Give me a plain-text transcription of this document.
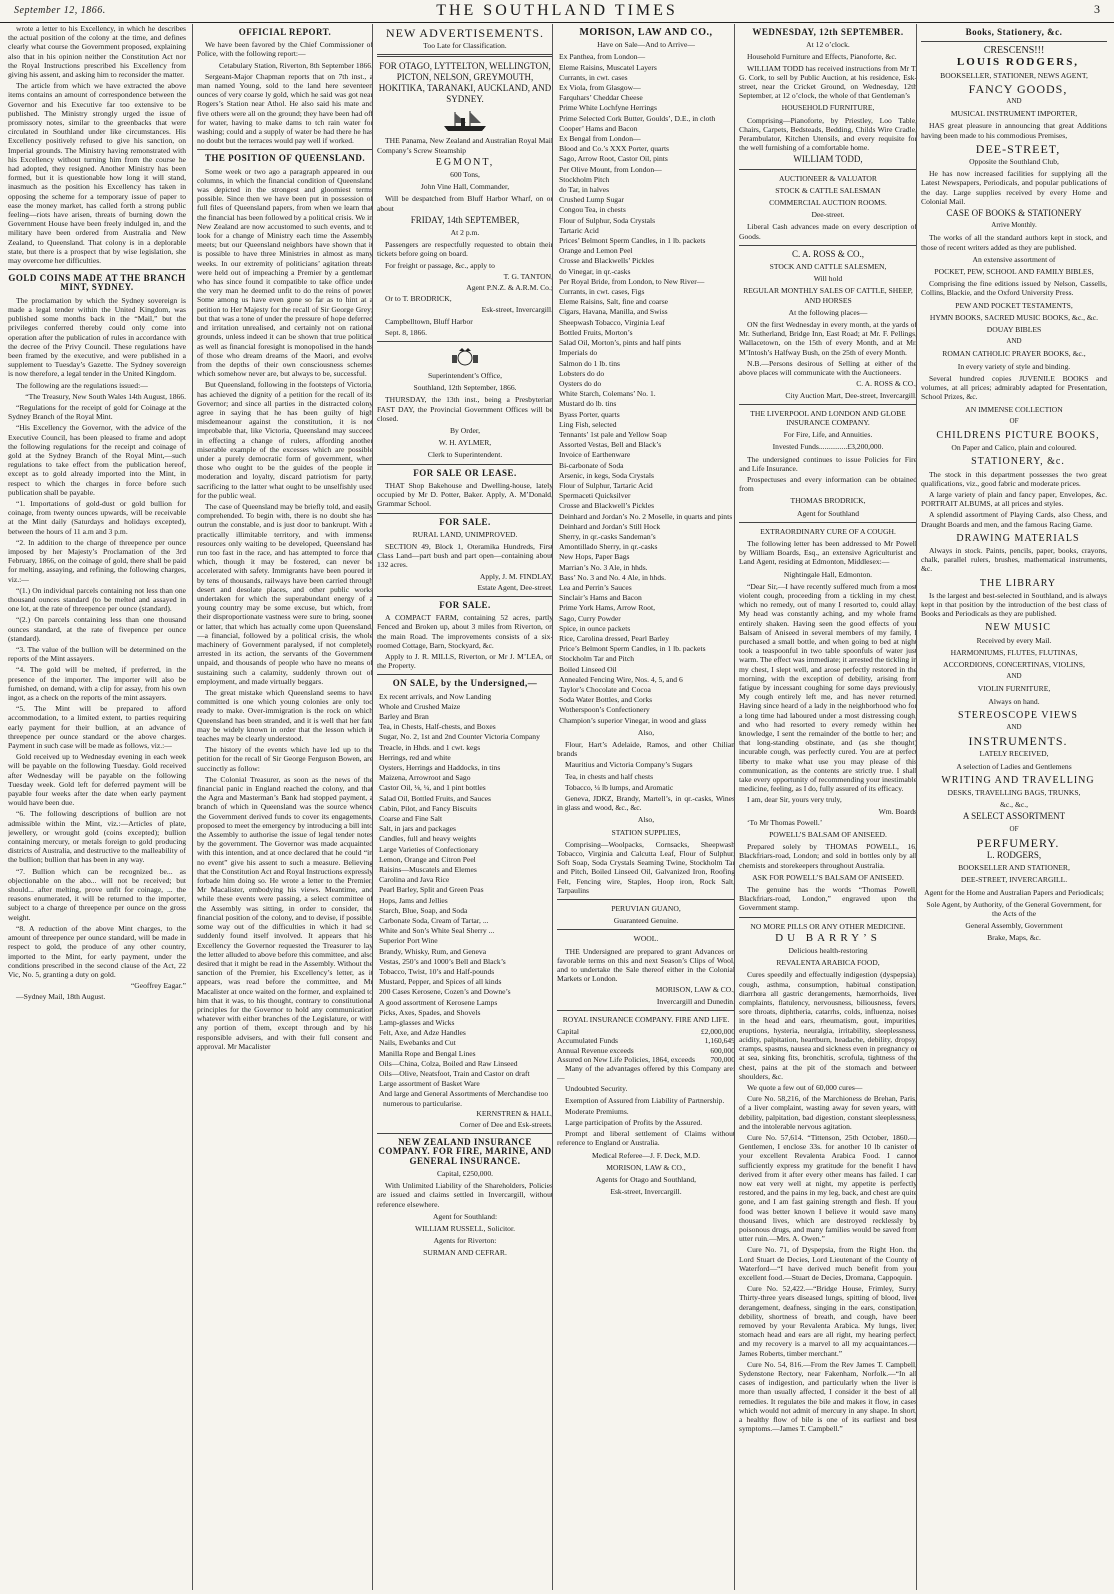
September 12, 1866.	THE SOUTHLAND TIMES	3

wrote a letter to his Excellency, in which he describes the actual position of the colony at the time, and defines clearly what course the Government proposed, explaining also that in his opinion neither the Constitution Act nor the Royal Instructions prescribed his Excellency from giving his assent, and asking him to reconsider the matter.

The article from which we have extracted the above items contains an amount of correspondence between the Governor and his Executive far too extensive to be published. The Ministry strongly urged the issue of promissory notes, similar to the greenbacks that were circulated in Southland under like circumstances. His Excellency positively refused to give his sanction, on Imperial grounds. The Ministry having remonstrated with his Excellency without turning him from the course he had adopted, they resigned. Another Ministry has been formed, but it is questionable how long it will stand, inasmuch as the position his Excellency has taken in opposing the scheme for a temporary issue of paper to ease the money market, has called forth a strong public feeling—riots have arisen, threats of burning down the Government House have been freely indulged in, and the military have been ordered from Australia and New Zealand, to Queensland. That colony is in a deplorable state, but there is a prospect that by wise legislation, she may overcome her difficulties.

GOLD COINS MADE AT THE BRANCH MINT, SYDNEY.

The proclamation by which the Sydney sovereign is made a legal tender within the United Kingdom, was published some months back in the “Mail,” but the privileges conferred thereby could only come into operation after the publication of rules in accordance with the decree of the Privy Council. These regulations have been framed by the executive, and were published in a supplement to Tuesday’s Gazette. The Sydney sovereign is now therefore, a legal tender in the United Kingdom.

The following are the regulations issued:—

“The Treasury, New South Wales 14th August, 1866.

“Regulations for the receipt of gold for Coinage at the Sydney Branch of the Royal Mint.

“His Excellency the Governor, with the advice of the Executive Council, has been pleased to frame and adopt the following regulations for the receipt and coinage of gold at the Sydney Branch of the Royal Mint,—such regulations to take effect from the publication hereof, except as to gold already imported into the Mint, in respect to which the charges in force before such publication shall be payable.

“1. Importations of gold-dust or gold bullion for coinage, from twenty ounces upwards, will be receivable at the Mint daily (Saturdays and holidays excepted), between the hours of 11 a.m and 3 p.m.

“2. In addition to the charge of threepence per ounce imposed by her Majesty’s Proclamation of the 3rd February, 1866, on the coinage of gold, there shall be paid for melting, assaying, and refining, the following charges, viz.:—

“(1.) On individual parcels containing not less than one thousand ounces standard (to be melted and assayed in one lot, at the rate of threepence per ounce (standard).

“(2.) On parcels containing less than one thousand ounces standard, at the rate of fivepence per ounce (standard).

“3. The value of the bullion will be determined on the reports of the Mint assayers.

“4. The gold will be melted, if preferred, in the presence of the importer. The importer will also be furnished, on demand, with a clip for assay, from his own ingot, as a check on the reports of the mint assayers.

“5. The Mint will be prepared to afford accommodation, to a limited extent, to parties requiring early payment for their bullion, at an advance of threepence per ounce standard or the above charges. Payment in such case will be made as follows, viz.:—

Gold received up to Wednesday evening in each week will be payable on the following Tuesday. Gold received after Wednesday will be payable on the following Tuesday week. Gold left for deferred payment will be payable four weeks after the date when early payment would have been due.

“6. The following descriptions of bullion are not admissible within the Mint, viz.:—Articles of plate, jewellery, or wrought gold (coins excepted); bullion containing mercury, or metals foreign to gold producing districts of Australia, and destructive to the malleability of the bullion; bullion that has been in any way.

“7. Bullion which can be recognized be... as objectionable on the abo... will not be received; but should... after melting, prove unfit for coinage, ... the reasons enumerated, it will be returned to the importer, subject to a charge of threepence per ounce on the gross weight.

“8. A reduction of the above Mint charges, to the amount of threepence per ounce standard, will be made in respect to gold, the produce of any other country, imported to the Mint, for early payment, under the conditions prescribed in the second clause of the Act, 22 Vic, No. 5, granting a duty on gold.

“Geoffrey Eagar.”

—Sydney Mail, 18th August.

OFFICIAL REPORT.

We have been favored by the Chief Commissioner of Police, with the following report:—

Cetabulary Station, Riverton, 8th September 1866.

Sergeant-Major Chapman reports that on 7th inst., a man named Young, sold to the land here seventeen ounces of very coarse ly gold, which he said was got near Rogers’s Station near Athol. He also said his mate and five others were all on the ground; they have been had off for water, having to make dams to tch rain water for washing; could and a supply of water be had there he has no doubt but the terraces would pay well if worked.

THE POSITION OF QUEENSLAND.

Some week or two ago a paragraph appeared in our columns, in which the financial condition of Queensland was depicted in the strongest and gloomiest terms possible. Since then we have been put in possession of full files of Queensland papers, from when we learn that the financial has been followed by a political crisis. We in New Zealand are now accustomed to such events, and to look for a change of Ministry each time the Assembly meets; but our Queensland neighbors have shown that it is possible to have three Ministries in almost as many weeks. In our extremity of politicians’ agitation threats were held out of impeaching a Premier by a gentleman who has since found it compatible to take office under the very man he deemed unfit to do the reins of power. Some among us have even gone so far as to hint at a petition to Her Majesty for the recall of Sir George Grey; but that was a tone of under the pressure of hope deferred and irritation unrealised, and certainly not on rational grounds, unless indeed it can be shown that true political as well as financial foresight is monopolised in the hands of those who dream dreams of the Maori, and evolve from the depths of their own consciousness schemes which somehow never are, but always to be, successful.

But Queensland, following in the footsteps of Victoria, has achieved the dignity of a petition for the recall of its Governor; and since all parties in the distracted colony agree in saying that he has been guilty of high misdemeanour against the constitution, it is not improbable that, like Victoria, Queensland may succeed in effecting a change of rulers, affording another miserable example of the excesses which are possible under a purely democratic form of government, when those who ought to be the guides of the people in moderation and loyalty, discard patriotism for party, sacrificing to the latter what ought to be unselfishly used for the public weal.

The case of Queensland may be briefly told, and easily comprehended. To begin with, there is no doubt she has outrun the constable, and is just door to bankrupt. With a practically illimitable territory, and with immense resources only waiting to be developed, Queensland has run too fast in the race, and has attempted to force that which, though it may be fostered, can never be accelerated with safety. Immigrants have been poured in by tens of thousands, railways have been carried through desert and desolate places, and other public works undertaken for which the superabundant energy of a young country may be some excuse, but which, from their disproportionate vastness were sure to bring, sooner or latter, that which has actually come upon Queensland,—a financial, followed by a political crisis, the whole machinery of Government paralysed, if not completely arrested in its action, the servants of the Government unpaid, and thousands of people who have no means of sustaining such a calamity, suddenly thrown out of employment, and made virtually beggars.

The great mistake which Queensland seems to have committed is one which young colonies are only too ready to make. Over-immigration is the rock on which Queensland has been stranded, and it is well that her fate may be widely known in order that the lesson which it teaches may be clearly understood.

The history of the events which have led up to the petition for the recall of Sir George Ferguson Bowen, are succinctly as follow:

The Colonial Treasurer, as soon as the news of the financial panic in England reached the colony, and that the Agra and Masterman’s Bank had stopped payment, a branch of which in Queensland was the source whence the Government derived funds to cover its engagements, proposed to meet the emergency by introducing a bill into the Assembly to authorise the issue of legal tender notes by the government. The Governor was made acquainted with this intention, and at once declared that he could “in no event” give his assent to such a measure. Believing that the Constitution Act and Royal Instructions expressly forbade him doing so. He wrote a letter to the Premier, Mr Macalister, embodying his views. Meantime, and while these events were passing, a select committee of the Assembly was sitting, in order to consider, the financial position of the colony, and to devise, if possible, some way out of the difficulties in which it had so suddenly found itself involved. It appears that his Excellency the Governor requested the Treasurer to lay the letter alluded to above before this committee, and also desired that it might be read in the Assembly. Without the sanction of the Premier, his Excellency’s letter, as it appears, was read before the committee, and Mr Macalister at once waited on the former, and explained to him that it was, to his thought, contrary to constitutional principles for the Governor to hold any communication whatever with either branches of the Legislature, or with any portion of them, except through and by his responsible advisers, and with their full consent and approval. Mr Macalister

NEW ADVERTISEMENTS.

Too Late for Classification.

FOR OTAGO, LYTTELTON, WELLINGTON, PICTON, NELSON, GREYMOUTH, HOKITIKA, TARANAKI, AUCKLAND, AND SYDNEY.

THE Panama, New Zealand and Australian Royal Mail Company’s Screw Steamship

EGMONT,

600 Tons,

John Vine Hall, Commander,

Will be despatched from Bluff Harbor Wharf, on or about

FRIDAY, 14th SEPTEMBER,

At 2 p.m.

Passengers are respectfully requested to obtain their tickets before going on board.

For freight or passage, &c., apply to

T. G. TANTON,

Agent P.N.Z. & A.R.M. Co.;

Or to T. BRODRICK,

Esk-street, Invercargill.

Campbelltown, Bluff Harbor

Sept. 8, 1866.

Superintendent’s Office,

Southland, 12th September, 1866.

THURSDAY, the 13th inst., being a Presbyterian FAST DAY, the Provincial Government Offices will be closed.

By Order,

W. H. AYLMER,

Clerk to Superintendent.

FOR SALE OR LEASE.

THAT Shop Bakehouse and Dwelling-house, lately occupied by Mr D. Potter, Baker. Apply, A. M’Donald, Grammar School.

FOR SALE.

RURAL LAND, UNIMPROVED.

SECTION 49, Block 1, Oteramika Hundreds, First Class Land—part bush and part open—containing about 132 acres.

Apply, J. M. FINDLAY,

Estate Agent, Dee-street.

FOR SALE.

A COMPACT FARM, containing 52 acres, partly Fenced and Broken up, about 3 miles from Riverton, on the main Road. The improvements consists of a six-roomed Cottage, Barn, Stockyard, &c.

Apply to J. R. MILLS, Riverton, or Mr J. M’LEA, on the Property.

ON SALE, by the Undersigned,—
Ex recent arrivals, and Now Landing
Whole and Crushed Maize
Barley and Bran
Tea, in Chests, Half-chests, and Boxes
Sugar, No. 2, 1st and 2nd Counter Victoria Company
Treacle, in Hhds. and 1 cwt. kegs
Herrings, red and white
Oysters, Herrings and Haddocks, in tins
Maizena, Arrowroot and Sago
Castor Oil, ⅛, ¼, and 1 pint bottles
Salad Oil, Bottled Fruits, and Sauces
Cabin, Pilot, and Fancy Biscuits
Coarse and Fine Salt
Salt, in jars and packages
Candles, full and heavy weights
Large Varieties of Confectionary
Lemon, Orange and Citron Peel
Raisins—Muscatels and Elemes
Carolina and Java Rice
Pearl Barley, Split and Green Peas
Hops, Jams and Jellies
Starch, Blue, Soap, and Soda
Carbonate Soda, Cream of Tartar, ...
White and Son’s White Seal Sherry ...
Superior Port Wine
Brandy, Whisky, Rum, and Geneva
Vestas, 250’s and 1000’s Bell and Black’s
Tobacco, Twist, 10’s and Half-pounds
Mustard, Pepper, and Spices of all kinds
200 Cases Kerosene, Cozen’s and Downe’s
A good assortment of Kerosene Lamps
Picks, Axes, Spades, and Shovels
Lamp-glasses and Wicks
Felt, Axe, and Adze Handles
Nails, Ewebanks and Cut
Manilla Rope and Bengal Lines
Oils—China, Colza, Boiled and Raw Linseed
Oils—Olive, Neatsfoot, Train and Castor on draft
Large assortment of Basket Ware
And large and General Assortments of Merchandise too numerous to particularise.

KERNSTREN & HALL,

Corner of Dee and Esk-streets.

NEW ZEALAND INSURANCE COMPANY. FOR FIRE, MARINE, AND GENERAL INSURANCE.

Capital, £250,000.

With Unlimited Liability of the Shareholders, Policies are issued and claims settled in Invercargill, without reference elsewhere.

Agent for Southland:

WILLIAM RUSSELL, Solicitor.

Agents for Riverton:

SURMAN AND CEFRAR.

MORISON, LAW AND CO.,

Have on Sale—And to Arrive—

Ex Panthea, from London—
Eleme Raisins, Muscatel Layers
Currants, in cwt. cases
Ex Viola, from Glasgow—
Farquhars’ Cheddar Cheese
Prime White Lochfyne Herrings
Prime Selected Cork Butter, Goulds’, D.E., in cloth
Cooper’ Hams and Bacon
Ex Bengal from London—
Blood and Co.’s XXX Porter, quarts
Sago, Arrow Root, Castor Oil, pints
Per Olive Mount, from London—
Stockholm Pitch
do Tar, in halves
Crushed Lump Sugar
Congou Tea, in chests
Flour of Sulphur, Soda Crystals
Tartaric Acid
Prices’ Belmont Sperm Candles, in 1 lb. packets
Orange and Lemon Peel
Crosse and Blackwells’ Pickles
do Vinegar, in qr.-casks
Per Royal Bride, from London, to New River—
Currants, in cwt. cases, Figs
Eleme Raisins, Salt, fine and coarse
Cigars, Havana, Manilla, and Swiss
Sheepwash Tobacco, Virginia Leaf
Bottled Fruits, Morton’s
Salad Oil, Morton’s, pints and half pints
Imperials do
Salmon do 1 lb. tins
Lobsters do do
Oysters do do
White Starch, Colemans’ No. 1.
Mustard do lb. tins
Byass Porter, quarts
Ling Fish, selected
Tennants’ 1st pale and Yellow Soap
Assorted Vestas, Bell and Black’s
Invoice of Earthenware
Bi-carbonate of Soda
Arsenic, in kegs, Soda Crystals
Flour of Sulphur, Tartaric Acid
Spermaceti Quicksilver
Crosse and Blackwell’s Pickles
Deinhard and Jordan’s No. 2 Moselle, in quarts and pints
Deinhard and Jordan’s Still Hock
Sherry, in qr.-casks Sandeman’s
Amontillado Sherry, in qr.-casks
New Hops, Paper Bags
Marrian’s No. 3 Ale, in hhds.
Bass’ No. 3 and No. 4 Ale, in hhds.
Lea and Perrin’s Sauces
Sinclair’s Hams and Bacon
Prime York Hams, Arrow Root,
Sago, Curry Powder
Spice, in ounce packets
Rice, Carolina dressed, Pearl Barley
Price’s Belmont Sperm Candles, in 1 lb. packets
Stockholm Tar and Pitch
Boiled Linseed Oil
Annealed Fencing Wire, Nos. 4, 5, and 6
Taylor’s Chocolate and Cocoa
Soda Water Bottles, and Corks
Wotherspoon’s Confectionery
Champion’s superior Vinegar, in wood and glass

Also,

Flour, Hart’s Adelaide, Ramos, and other Chilian brands

Mauritius and Victoria Company’s Sugars

Tea, in chests and half chests

Tobacco, ¼ lb lumps, and Aromatic

Geneva, JDKZ, Brandy, Martell’s, in qr.-casks, Wines in glass and wood, &c., &c.

Also,

STATION SUPPLIES,

Comprising—Woolpacks, Cornsacks, Sheepwash Tobacco, Virginia and Calcutta Leaf, Flour of Sulphur, Soft Soap, Soda Crystals Seaming Twine, Stockholm Tar and Pitch, Boiled Linseed Oil, Galvanized Iron, Roofing Felt, Fencing wire, Staples, Hoop iron, Rock Salt, Tarpaulins

PERUVIAN GUANO,

Guaranteed Genuine.

WOOL.

THE Undersigned are prepared to grant Advances on favorable terms on this and next Season’s Clips of Wool, and to undertake the Sale thereof either in the Colonial Markets or London.

MORISON, LAW & CO.,

Invercargill and Dunedin.

ROYAL INSURANCE COMPANY. FIRE AND LIFE.

Capital	£2,000,000
Accumulated Funds	1,160,649
Annual Revenue exceeds	600,000
Assured on New Life Policies, 1864, exceeds 700,000

Many of the advantages offered by this Company are:—

Undoubted Security.

Exemption of Assured from Liability of Partnership.

Moderate Premiums.

Large participation of Profits by the Assured.

Prompt and liberal settlement of Claims without reference to England or Australia.

Medical Referee—J. F. Deck, M.D.

MORISON, LAW & CO.,

Agents for Otago and Southland,

Esk-street, Invercargill.

WEDNESDAY, 12th SEPTEMBER.

At 12 o’clock.

Household Furniture and Effects, Pianoforte, &c.

WILLIAM TODD has received instructions from Mr T. G. Cork, to sell by Public Auction, at his residence, Esk-street, near the Cricket Ground, on Wednesday, 12th September, at 12 o’clock, the whole of that Gentleman’s

HOUSEHOLD FURNITURE,

Comprising—Pianoforte, by Priestley, Loo Table, Chairs, Carpets, Bedsteads, Bedding, Childs Wire Cradle, Perambulator, Kitchen Utensils, and every requisite for the well furnishing of a comfortable home.

WILLIAM TODD,

AUCTIONEER & VALUATOR

STOCK & CATTLE SALESMAN

COMMERCIAL AUCTION ROOMS.

Dee-street.

Liberal Cash advances made on every description of Goods.

C. A. ROSS & CO.,

STOCK AND CATTLE SALESMEN,

Will hold

REGULAR MONTHLY SALES OF CATTLE, SHEEP, AND HORSES

At the following places—

ON the first Wednesday in every month, at the yards of Mr. Sutherland, Bridge Inn, East Road; at Mr. F. Pellings, Wallacetown, on the 15th of every Month, and at Mr. M’Intosh’s Halfway Bush, on the 25th of every Month.

N.B.—Persons desirous of Selling at either of the above places will communicate with the Auctioneers.

C. A. ROSS & CO.,

City Auction Mart, Dee-street, Invercargill.

THE LIVERPOOL AND LONDON AND GLOBE INSURANCE COMPANY.

For Fire, Life, and Annuities.

Invested Funds...............£3,200,000.

The undersigned continues to issue Policies for Fire and Life Insurance.

Prospectuses and every information can be obtained from

THOMAS BRODRICK,

Agent for Southland

EXTRAORDINARY CURE OF A COUGH.

The following letter has been addressed to Mr Powell by William Boards, Esq., an extensive Agriculturist and Land Agent, residing at Edmonton, Middlesex:—

Nightingale Hall, Edmonton.

“Dear Sir,—I have recently suffered much from a most violent cough, proceeding from a tickling in my chest, which no remedy, out of many I resorted to, could allay. My head was constantly aching, and my whole frame entirely shaken. Having seen the good effects of your Balsam of Aniseed in several members of my family, I purchased a small bottle, and when going to bed at night took a teaspoonful in two table spoonfuls of water just warm. The effect was immediate; it arrested the tickling in my chest, I slept well, and arose perfectly restored in the morning, with the exception of debility, arising from fatigue by incessant coughing for some days previously. My cough entirely left me, and has never returned. Having since heard of a lady in the neighborhood who for a long time had laboured under a most distressing cough, and who had resorted to every remedy within her knowledge, I sent the remainder of the bottle to her; and that long-standing obstinate, and (as she thought) incurable cough, was perfectly cured. You are at perfect liberty to make what use you may please of this communication, as the contents are strictly true. I shall take every opportunity of recommending your inestimable medicine, feeling, as I do, fully assured of its efficacy.

I am, dear Sir, yours very truly,

Wm. Boards

‘To Mr Thomas Powell.’

POWELL’S BALSAM OF ANISEED.

Prepared solely by THOMAS POWELL, 16, Blackfriars-road, London; and sold in bottles only by all chemists and storekeepers throughout Australia.

ASK FOR POWELL’S BALSAM OF ANISEED.

The genuine has the words “Thomas Powell, Blackfriars-road, London,” engraved upon the Government stamp.

NO MORE PILLS OR ANY OTHER MEDICINE.

DU BARRY’S

Delicious health-restoring

REVALENTA ARABICA FOOD,

Cures speedily and effectually indigestion (dyspepsia), cough, asthma, consumption, habitual constipation, diarrhœa all gastric derangements, hæmorrhoids, liver complaints, flatulency, nervousness, biliousness, fevers, sore throats, diphtheria, catarrhs, colds, influenza, noises in the head and ears, rheumatism, gout, impurities, eruptions, hysteria, neuralgia, irritability, sleeplessness, acidity, palpitation, heartburn, headache, debility, dropsy, cramps, spasms, nausea and sickness even in pregnancy or at sea, sinking fits, bronchitis, scrofula, tightness of the chest, pains at the pit of the stomach and between shoulders, &c.

We quote a few out of 60,000 cures—

Cure No. 58,216, of the Marchioness de Brehan, Paris, of a liver complaint, wasting away for seven years, with debility, palpitation, bad digestion, constant sleeplessness, and the intolerable nervous agitation.

Cure No. 57,614. “Tittenson, 25th October, 1860.—Gentlemen, I enclose 33s. for another 10 lb canister of your excellent Revalenta Arabica Food. I cannot sufficiently express my gratitude for the benefit I have derived from it after every other means has failed. I can now eat very well at night, my appetite is perfectly restored, and the pains in my leg, back, and chest are quite gone, and I am fast gaining strength and flesh. If your food was better known I believe it would save many thousand lives, which are destroyed recklessly by poisonous drugs, and many families would be saved from utter ruin.—Mrs. A. Owen.”

Cure No. 71, of Dyspepsia, from the Right Hon. the Lord Stuart de Decies, Lord Lieutenant of the County of Waterford—“I have derived much benefit from your excellent food.—Stuart de Decies, Dromana, Cappoquin.

Cure No. 52,422.—“Bridge House, Frimley, Surry. Thirty-three years diseased lungs, spitting of blood, liver derangement, deafness, singing in the ears, constipation, debility, shortness of breath, and cough, have been removed by your Revalenta Arabica. My lungs, liver, stomach head and ears are all right, my hearing perfect, and my recovery is a marvel to all my acquaintances.—James Roberts, timber merchant.”

Cure No. 54, 816.—From the Rev James T. Campbell, Sydenstone Rectory, near Fakenham, Norfolk.—“In all cases of indigestion, and particularly when the liver is more than usually affected, I consider it the best of all remedies. It regulates the bile and makes it flow, in cases which would not admit of mercury in any shape. In short, a healthy flow of bile is one of its earliest and best symptoms.—James T. Campbell.”

Books, Stationery, &c.

CRESCENS!!!

LOUIS RODGERS,

BOOKSELLER, STATIONER, NEWS AGENT,

FANCY GOODS,

AND

MUSICAL INSTRUMENT IMPORTER,

HAS great pleasure in announcing that great Additions having been made to his commodious Premises,

DEE-STREET,

Opposite the Southland Club,

He has now increased facilities for supplying all the Latest Newspapers, Periodicals, and popular publications of the day. Large supplies received by every Home and Colonial Mail.

CASE OF BOOKS & STATIONERY

Arrive Monthly.

The works of all the standard authors kept in stock, and those of recent writers added as they are published.

An extensive assortment of

POCKET, PEW, SCHOOL AND FAMILY BIBLES,

Comprising the fine editions issued by Nelson, Cassells, Collins, Blackie, and the Oxford University Press.

PEW AND POCKET TESTAMENTS,

HYMN BOOKS, SACRED MUSIC BOOKS, &c., &c.

DOUAY BIBLES

AND

ROMAN CATHOLIC PRAYER BOOKS, &c.,

In every variety of style and binding.

Several hundred copies JUVENILE BOOKS and volumes, at all prices; admirably adapted for Presentation, School Prizes, &c.

AN IMMENSE COLLECTION

OF

CHILDRENS PICTURE BOOKS,

On Paper and Calico, plain and coloured.

STATIONERY, &c.

The stock in this department possesses the two great qualifications, viz., good fabric and moderate prices.

A large variety of plain and fancy paper, Envelopes, &c. PORTRAIT ALBUMS, at all prices and styles.

A splendid assortment of Playing Cards, also Chess, and Draught Boards and men, and the famous Racing Game.

DRAWING MATERIALS

Always in stock. Paints, pencils, paper, books, crayons, chalk, parallel rulers, brushes, mathematical instruments, &c.

THE LIBRARY

Is the largest and best-selected in Southland, and is always kept in that position by the introduction of the best class of Books and Periodicals as they are published.

NEW MUSIC

Received by every Mail.

HARMONIUMS, FLUTES, FLUTINAS,

ACCORDIONS, CONCERTINAS, VIOLINS,

AND

VIOLIN FURNITURE,

Always on hand.

STEREOSCOPE VIEWS

AND

INSTRUMENTS.

LATELY RECEIVED,

A selection of Ladies and Gentlemens

WRITING AND TRAVELLING

DESKS, TRAVELLING BAGS, TRUNKS,

&c., &c.,

A SELECT ASSORTMENT

OF

PERFUMERY.

L. RODGERS,

BOOKSELLER AND STATIONER,

DEE-STREET, INVERCARGILL.

Agent for the Home and Australian Papers and Periodicals;

Sole Agent, by Authority, of the General Government, for the Acts of the

General Assembly, Government

Brake, Maps, &c.
